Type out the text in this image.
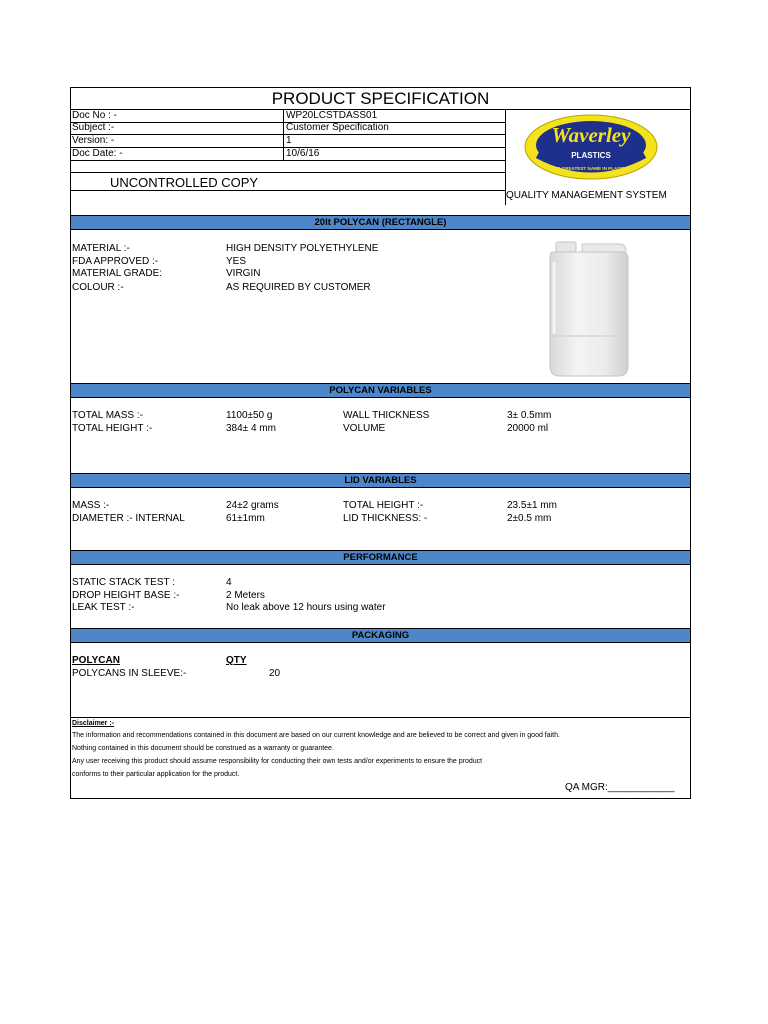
PRODUCT SPECIFICATION
Doc No : -	WP20LCSTDASS01
Subject :-	Customer Specification
Version: -	1
Doc Date: -	10/6/16
UNCONTROLLED COPY
QUALITY MANAGEMENT SYSTEM
Waverley
PLASTICS
THE GREATEST NAME IN PLASTICS
20lt POLYCAN (RECTANGLE)
MATERIAL :-	HIGH DENSITY POLYETHYLENE
FDA APPROVED :-	YES
MATERIAL GRADE:	VIRGIN
COLOUR :-	AS REQUIRED BY CUSTOMER
POLYCAN VARIABLES
TOTAL MASS :-	1100±50 g	WALL THICKNESS	3± 0.5mm
TOTAL HEIGHT :-	384± 4 mm	VOLUME	20000 ml
LID VARIABLES
MASS :-	24±2 grams	TOTAL HEIGHT :-	23.5±1 mm
DIAMETER :- INTERNAL	61±1mm	LID THICKNESS: -	2±0.5 mm
PERFORMANCE
STATIC STACK TEST :	4
DROP HEIGHT BASE :-	2 Meters
LEAK TEST :-	No leak above 12 hours using water
PACKAGING
POLYCAN	QTY
POLYCANS IN SLEEVE:-	20
Disclaimer :-
The information and recommendations contained in this document are based on our current knowledge and are believed to be correct and given in good faith.
Nothing contained in this document should be construed as a warranty or guarantee.
Any user receiving this product should assume responsibility for conducting their own tests and/or experiments to ensure the product
conforms to their particular application for the product.
QA MGR:____________
